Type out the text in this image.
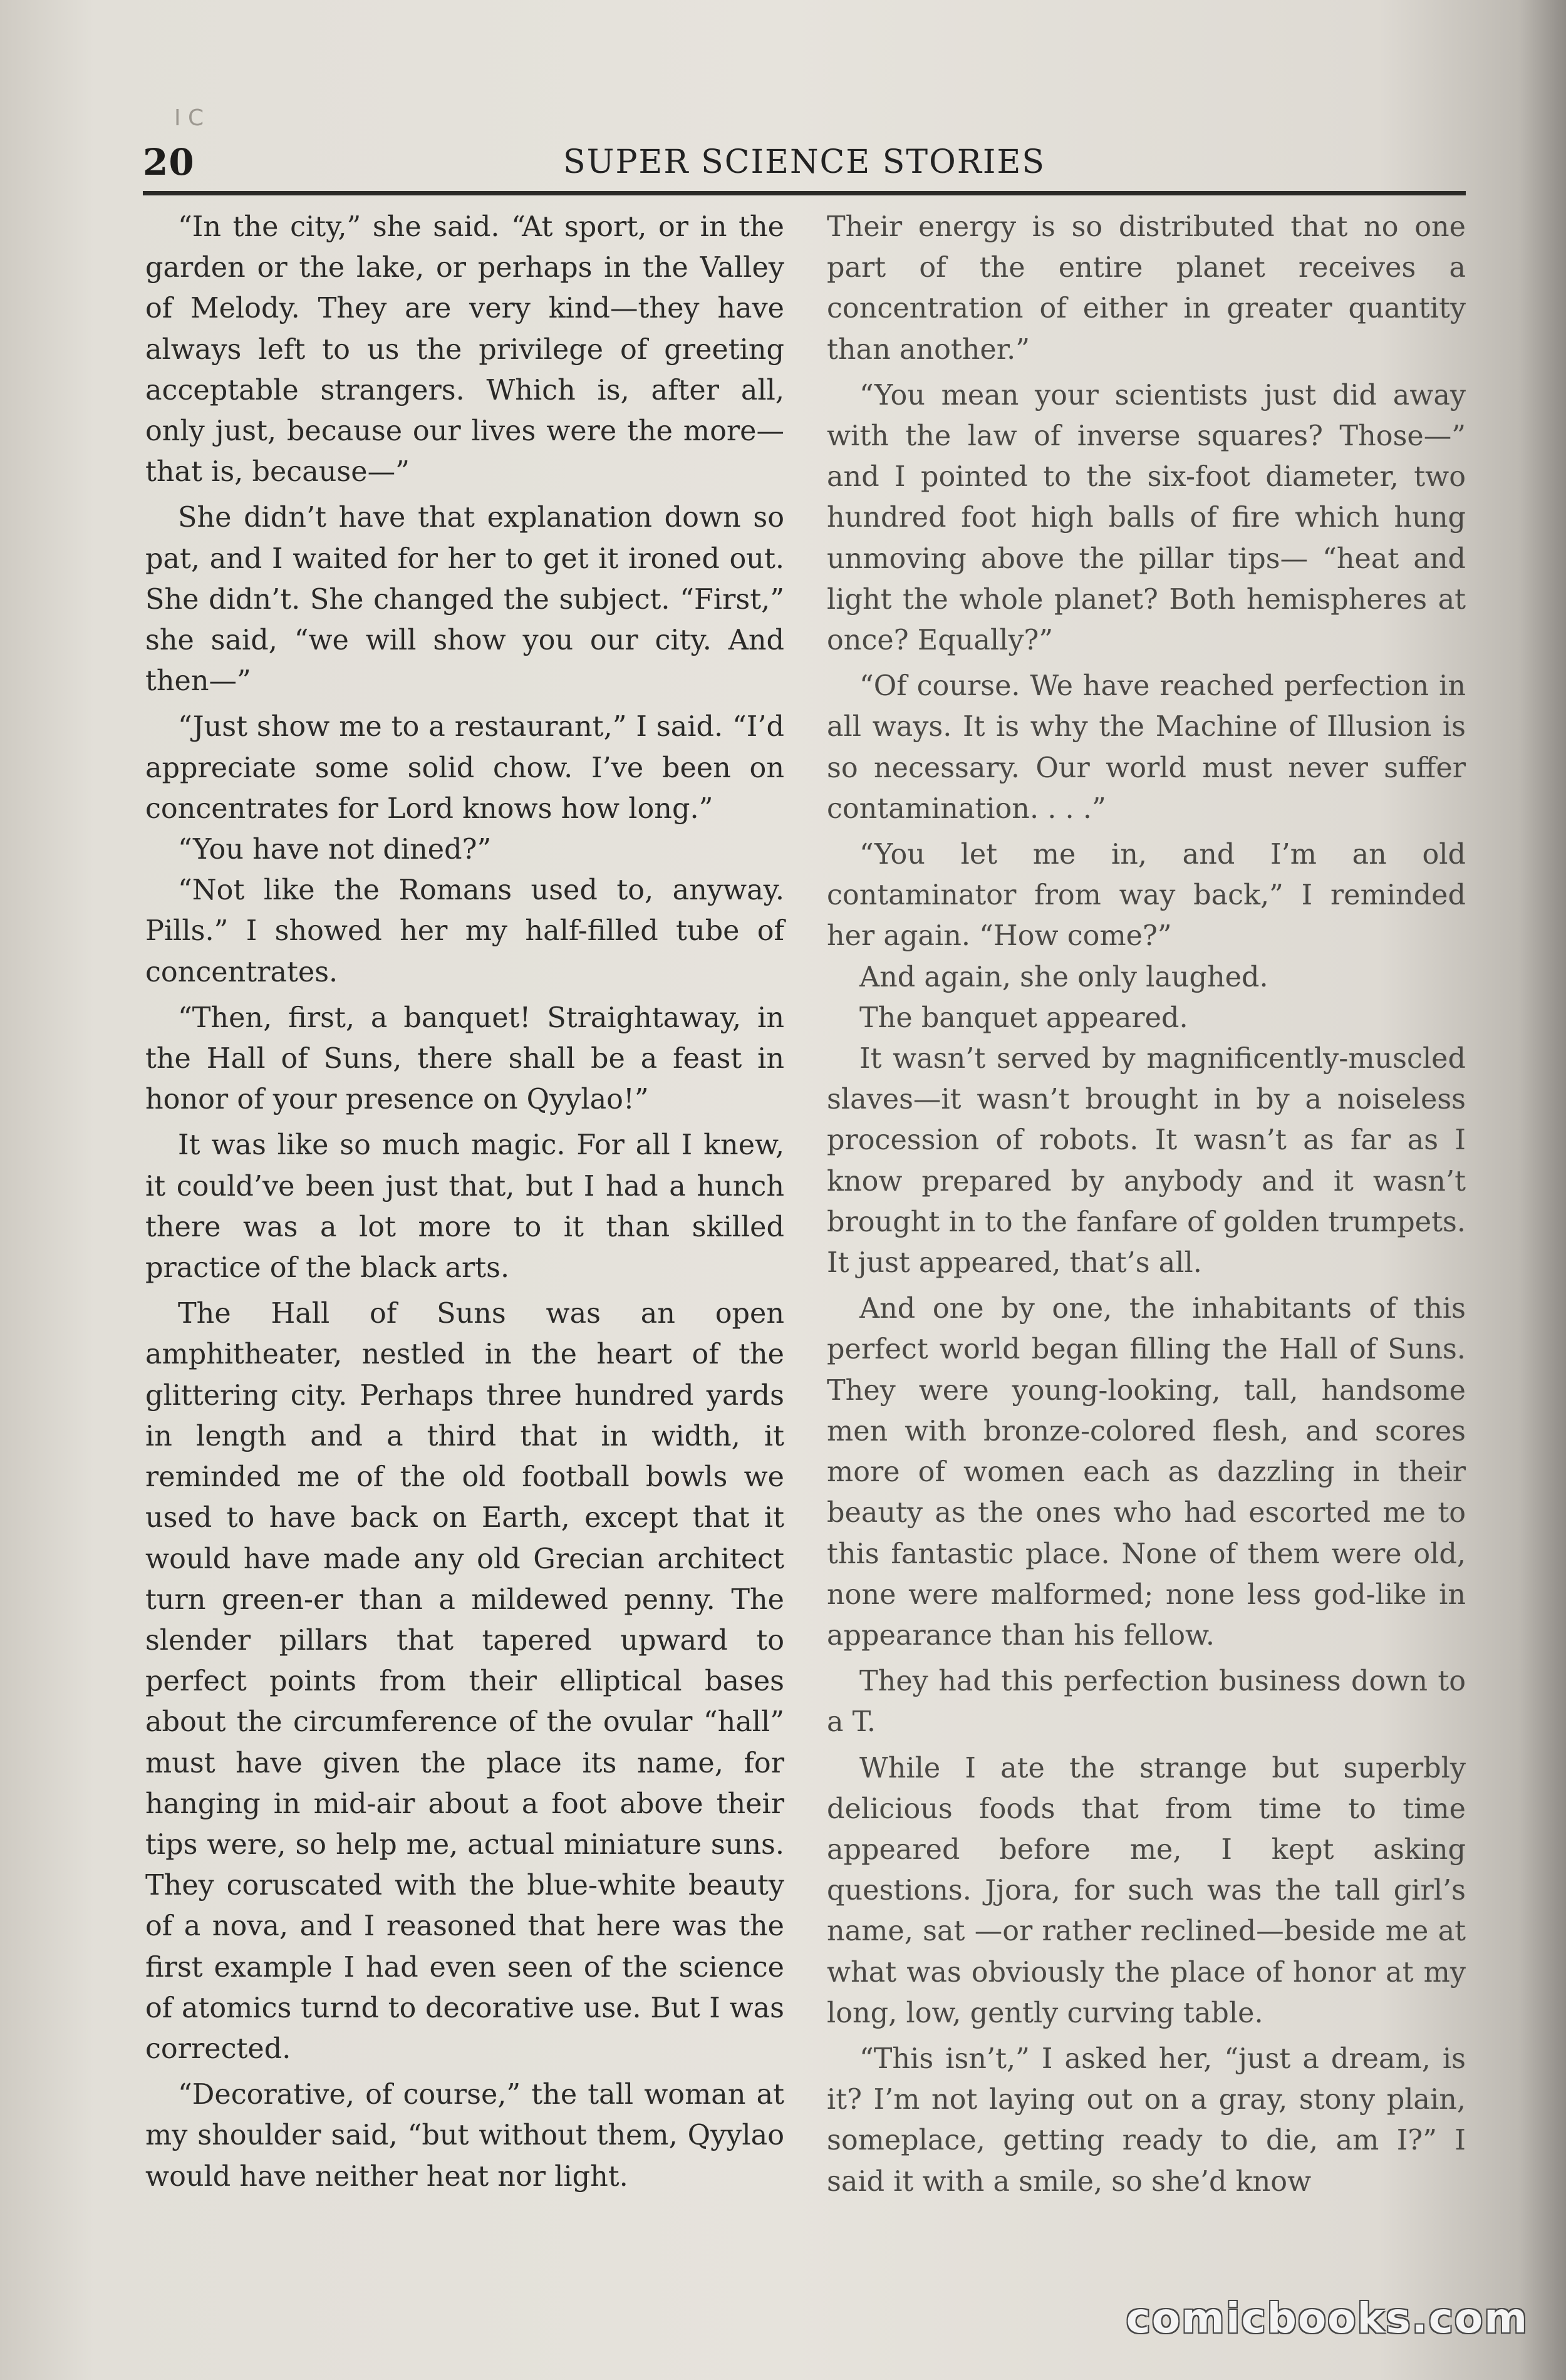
I C
20	SUPER SCIENCE STORIES

“In the city,” she said. “At sport, or in the garden or the lake, or perhaps in the Valley of Melody. They are very kind—they have always left to us the privilege of greeting acceptable strangers. Which is, after all, only just, because our lives were the more—that is, because—”

She didn’t have that explanation down so pat, and I waited for her to get it ironed out. She didn’t. She changed the subject. “First,” she said, “we will show you our city. And then—”

“Just show me to a restaurant,” I said. “I’d appreciate some solid chow. I’ve been on concentrates for Lord knows how long.”

“You have not dined?”

“Not like the Romans used to, anyway. Pills.” I showed her my half-filled tube of concentrates.

“Then, first, a banquet! Straightaway, in the Hall of Suns, there shall be a feast in honor of your presence on Qyylao!”

It was like so much magic. For all I knew, it could’ve been just that, but I had a hunch there was a lot more to it than skilled practice of the black arts.

The Hall of Suns was an open amphitheater, nestled in the heart of the glittering city. Perhaps three hundred yards in length and a third that in width, it reminded me of the old football bowls we used to have back on Earth, except that it would have made any old Grecian architect turn green-er than a mildewed penny. The slender pillars that tapered upward to perfect points from their elliptical bases about the circumference of the ovular “hall” must have given the place its name, for hanging in mid-air about a foot above their tips were, so help me, actual miniature suns. They coruscated with the blue-white beauty of a nova, and I reasoned that here was the first example I had even seen of the science of atomics turnd to decorative use. But I was corrected.

“Decorative, of course,” the tall woman at my shoulder said, “but without them, Qyylao would have neither heat nor light.

Their energy is so distributed that no one part of the entire planet receives a concentration of either in greater quantity than another.”

“You mean your scientists just did away with the law of inverse squares? Those—” and I pointed to the six-foot diameter, two hundred foot high balls of fire which hung unmoving above the pillar tips— “heat and light the whole planet? Both hemispheres at once? Equally?”

“Of course. We have reached perfection in all ways. It is why the Machine of Illusion is so necessary. Our world must never suffer contamination. . . .”

“You let me in, and I’m an old contaminator from way back,” I reminded her again. “How come?”

And again, she only laughed.

The banquet appeared.

It wasn’t served by magnificently-muscled slaves—it wasn’t brought in by a noiseless procession of robots. It wasn’t as far as I know prepared by anybody and it wasn’t brought in to the fanfare of golden trumpets. It just appeared, that’s all.

And one by one, the inhabitants of this perfect world began filling the Hall of Suns. They were young-looking, tall, handsome men with bronze-colored flesh, and scores more of women each as dazzling in their beauty as the ones who had escorted me to this fantastic place. None of them were old, none were malformed; none less god-like in appearance than his fellow.

They had this perfection business down to a T.

While I ate the strange but superbly delicious foods that from time to time appeared before me, I kept asking questions. Jjora, for such was the tall girl’s name, sat —or rather reclined—beside me at what was obviously the place of honor at my long, low, gently curving table.

“This isn’t,” I asked her, “just a dream, is it? I’m not laying out on a gray, stony plain, someplace, getting ready to die, am I?” I said it with a smile, so she’d know

comicbooks.com
